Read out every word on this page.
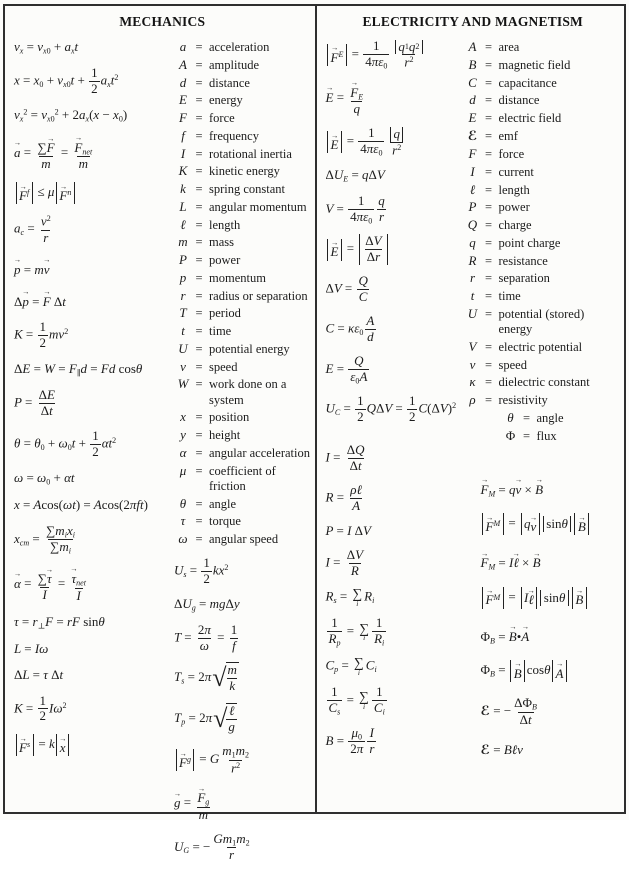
MECHANICS
$v_x = v_{x0} + a_xt$
$x = x_0 + v_{x0}t + \frac{1}{2} a_xt^2$
$v_x^2 = v_{x0}^2 + 2a_x(x - x_0)$
a → = $\frac{\sum F \to}{m} = F \to_{net}$
m
F → f ≤ μ F → n
$a_c = \frac{v^2}{r}$
p → = mv →
Δp → = F → Δt
$K = \frac{1}{2} mv^2$
$\Delta E = W = F_\parallel d = Fd$ cosθ
$P = \frac{\Delta E}{\Delta t}$
$\theta = \theta_0 + \omega_0t + \frac{1}{2} \alpha t^2$
$\omega = \omega_0 + \alpha t$
x = Acos(ωt) = Acos(2πft)
$x_{cm}$ =
$\sum m_ix_i$
$\sum m_i$
α → = $\frac{\sum\tau \to}{I} = \tau \to_{net}$
I
$\tau = r_\perp F$ = rF sinθ
L = Iω
ΔL = τ Δt
$K = \frac{1}{2} I\omega^2$
F → s = k x →
a = acceleration
A = amplitude
d = distance
E = energy
F = force
f = frequency
I = rotational inertia
K = kinetic energy
k = spring constant
L = angular momentum
ℓ = length
m = mass
P = power
p = momentum
r = radius or separation
T = period
t = time
U = potential energy
v = speed
W = work done on a system
x = position
y = height
α = angular acceleration
μ = coefficient of friction
θ = angle
τ = torque
ω = angular speed
$U_s = \frac{1}{2} kx^2$
$\Delta U_g = mg\Delta y$
$T = \frac{2\pi}{\omega} = \frac{1}{f}$
$T_s = 2\pi$ √ m
k
$T_p = 2\pi$ √ ℓ
g
F → g = G $\frac{m_1m_2}{r^2}$
g → = $\frac{F \to_g}{m}$
$U_G$ = − $\frac{Gm_1m_2}{r}$
ELECTRICITY AND MAGNETISM
$F \to E = \frac{1}{4\pi\varepsilon_0} \frac{q 1 q 2}{r^2}$
E → = $\frac{F \to_E}{q}$
E → = $\frac{1}{4\pi\varepsilon_0} \frac{q}{r^2}$
$\Delta U_E = q\Delta V$
$V = \frac{1}{4\pi\varepsilon_0} \frac{q}{r}$
E → = ΔV
Δr
$\Delta V = \frac{Q}{C}$
$C = \kappa\varepsilon_0 \frac{A}{d}$
$E = \frac{Q}{\varepsilon_0A}$
$U_C = \frac{1}{2}$ $Q\Delta V = \frac{1}{2} C(\Delta V)^2$
$I = \frac{\Delta Q}{\Delta t}$
R = ρℓ
A
P = I ΔV
$I = \frac{\Delta V}{R}$
$R_s$ = ∑
i $R_i$
$\frac{1}{R_p}$ = ∑
i $\frac{1}{R_i}$
$C_p$ = ∑
i $C_i$
$\frac{1}{C_s}$ = ∑
i $\frac{1}{C_i}$
$B = \frac{\mu_0}{2\pi} \frac{I}{r}$
A = area
B = magnetic field
C = capacitance
d = distance
E = electric field
ℰ = emf
F = force
I = current
ℓ = length
P = power
Q = charge
q = point charge
R = resistance
r = separation
t = time
U = potential (stored) energy
V = electric potential
v = speed
κ = dielectric constant
ρ = resistivity
θ = angle
Φ = flux
$F \to_M$ = qv → × B →
F → M = q v → sin θ B →
$F \to_M$ = Iℓ → × B →
F → M = I ℓ → sin θ B →
$\Phi_B = B$ →•A →
$\Phi_B = B \to \cos\theta$ A →
ℰ = −
$\Delta\Phi_B$
Δt
ℰ = Bℓv
